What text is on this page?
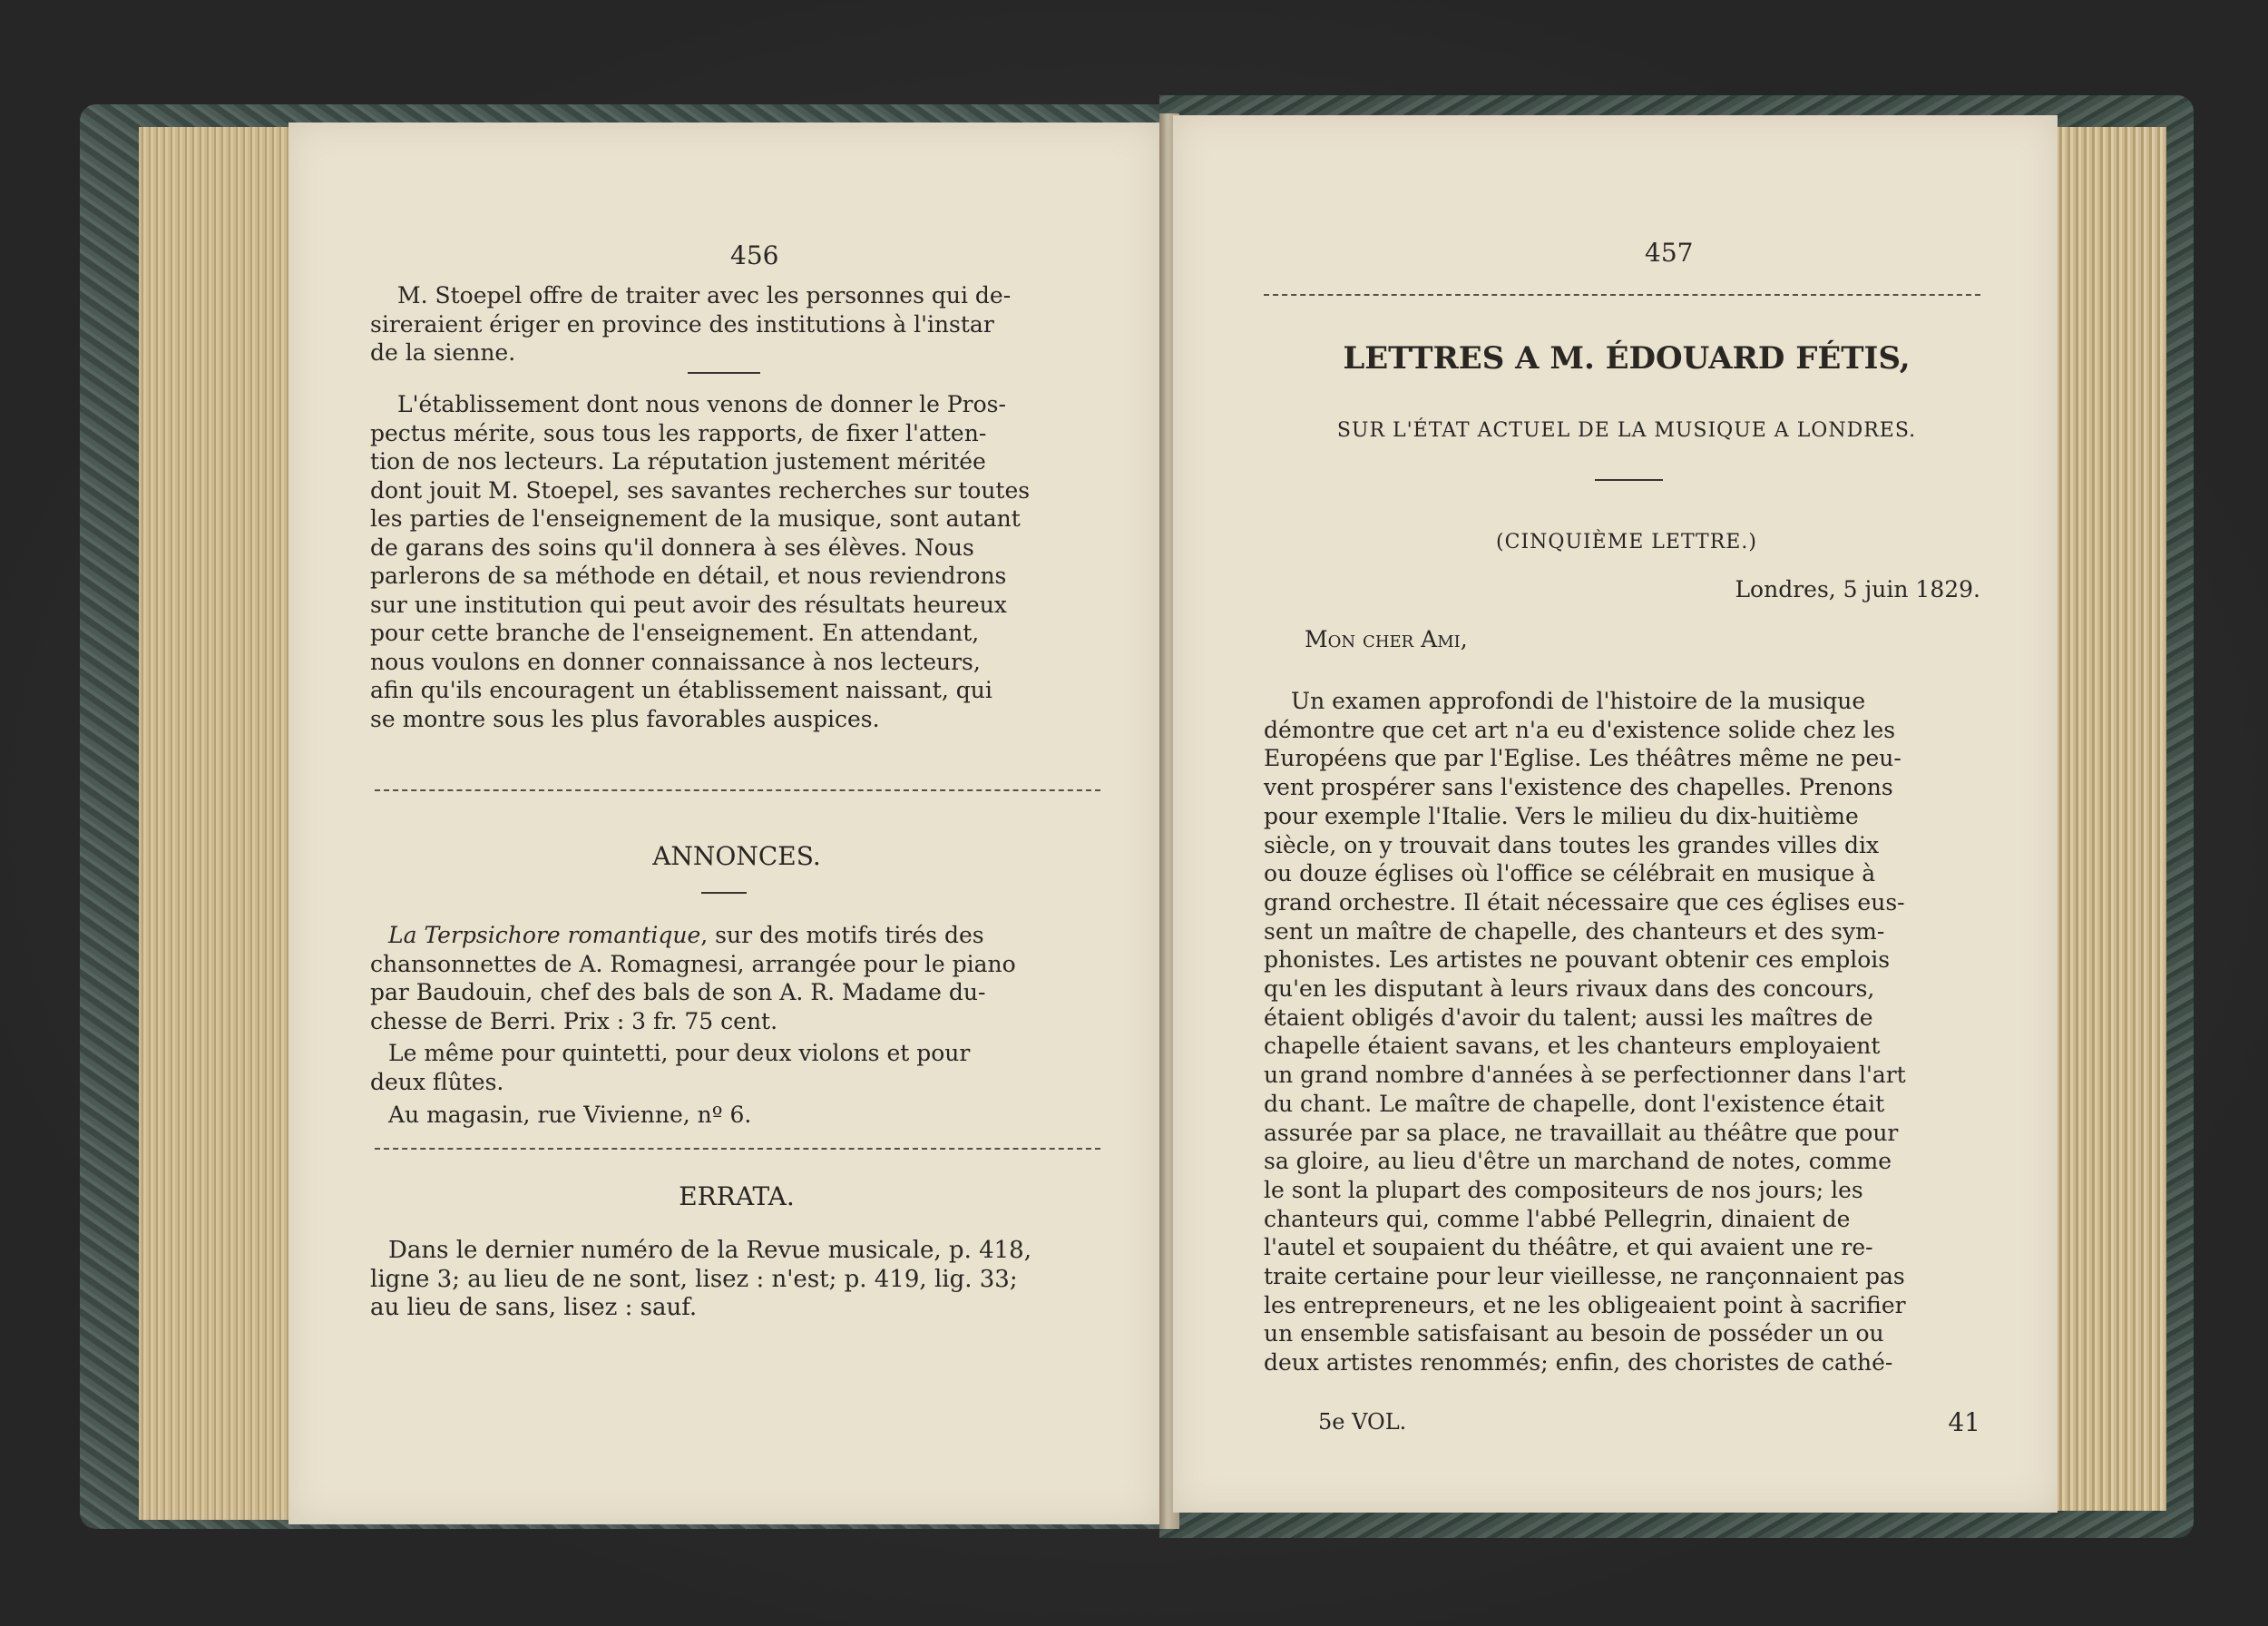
456
M. Stoepel offre de traiter avec les personnes qui de-
sireraient ériger en province des institutions à l'instar
de la sienne.
L'établissement dont nous venons de donner le Pros-
pectus mérite, sous tous les rapports, de fixer l'atten-
tion de nos lecteurs. La réputation justement méritée
dont jouit M. Stoepel, ses savantes recherches sur toutes
les parties de l'enseignement de la musique, sont autant
de garans des soins qu'il donnera à ses élèves. Nous
parlerons de sa méthode en détail, et nous reviendrons
sur une institution qui peut avoir des résultats heureux
pour cette branche de l'enseignement. En attendant,
nous voulons en donner connaissance à nos lecteurs,
afin qu'ils encouragent un établissement naissant, qui
se montre sous les plus favorables auspices.
ANNONCES.
La Terpsichore romantique, sur des motifs tirés des
chansonnettes de A. Romagnesi, arrangée pour le piano
par Baudouin, chef des bals de son A. R. Madame du-
chesse de Berri. Prix : 3 fr. 75 cent.
Le même pour quintetti, pour deux violons et pour
deux flûtes.
Au magasin, rue Vivienne, nº 6.
ERRATA.
Dans le dernier numéro de la Revue musicale, p. 418,
ligne 3; au lieu de ne sont, lisez : n'est; p. 419, lig. 33;
au lieu de sans, lisez : sauf.
457
LETTRES A M. ÉDOUARD FÉTIS,
SUR L'ÉTAT ACTUEL DE LA MUSIQUE A LONDRES.
(CINQUIÈME LETTRE.)
Londres, 5 juin 1829.
Mon cher Ami,
Un examen approfondi de l'histoire de la musique
démontre que cet art n'a eu d'existence solide chez les
Européens que par l'Eglise. Les théâtres même ne peu-
vent prospérer sans l'existence des chapelles. Prenons
pour exemple l'Italie. Vers le milieu du dix-huitième
siècle, on y trouvait dans toutes les grandes villes dix
ou douze églises où l'office se célébrait en musique à
grand orchestre. Il était nécessaire que ces églises eus-
sent un maître de chapelle, des chanteurs et des sym-
phonistes. Les artistes ne pouvant obtenir ces emplois
qu'en les disputant à leurs rivaux dans des concours,
étaient obligés d'avoir du talent; aussi les maîtres de
chapelle étaient savans, et les chanteurs employaient
un grand nombre d'années à se perfectionner dans l'art
du chant. Le maître de chapelle, dont l'existence était
assurée par sa place, ne travaillait au théâtre que pour
sa gloire, au lieu d'être un marchand de notes, comme
le sont la plupart des compositeurs de nos jours; les
chanteurs qui, comme l'abbé Pellegrin, dinaient de
l'autel et soupaient du théâtre, et qui avaient une re-
traite certaine pour leur vieillesse, ne rançonnaient pas
les entrepreneurs, et ne les obligeaient point à sacrifier
un ensemble satisfaisant au besoin de posséder un ou
deux artistes renommés; enfin, des choristes de cathé-
5e VOL.	41
